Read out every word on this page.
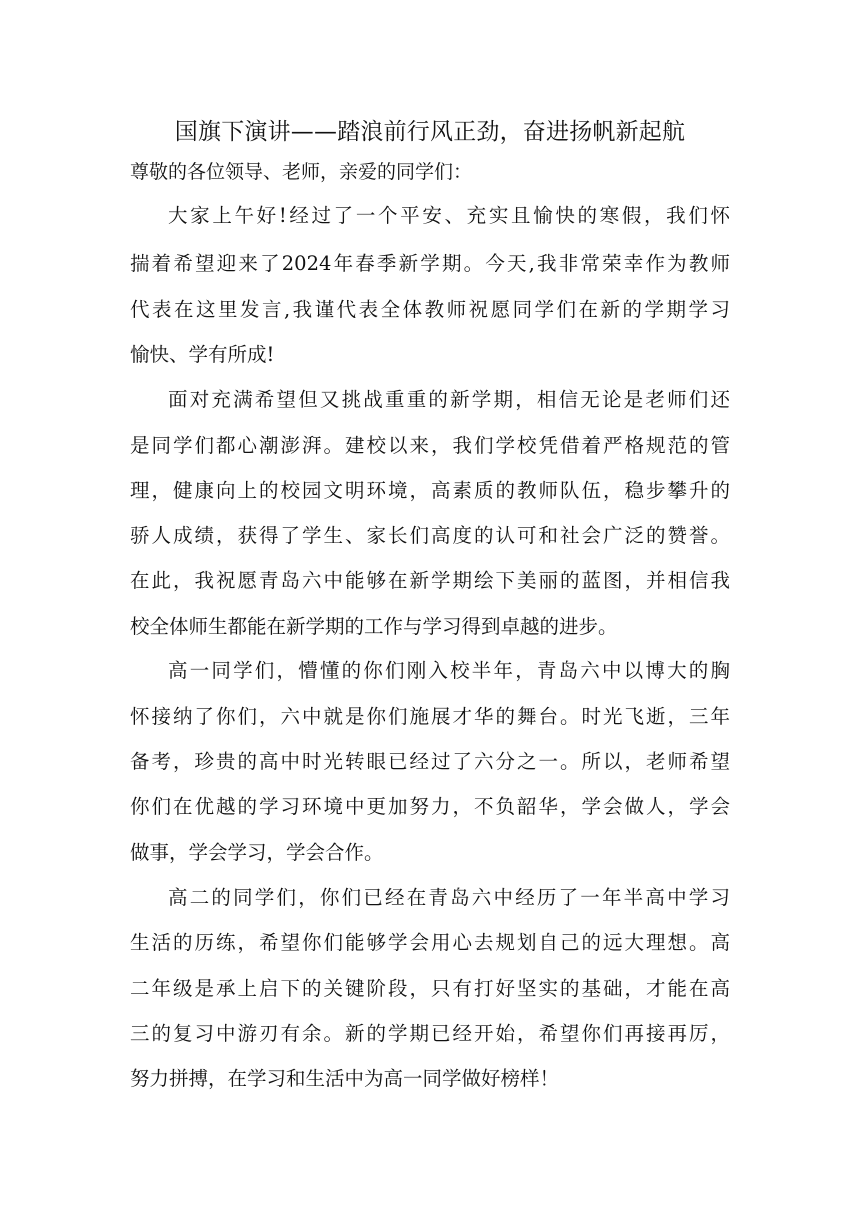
国旗下演讲——踏浪前行风正劲，奋进扬帆新起航
尊敬的各位领导、老师，亲爱的同学们：
大家上午好!经过了一个平安、充实且愉快的寒假，我们怀
揣着希望迎来了2024年春季新学期。今天,我非常荣幸作为教师
代表在这里发言,我谨代表全体教师祝愿同学们在新的学期学习
愉快、学有所成!
面对充满希望但又挑战重重的新学期，相信无论是老师们还
是同学们都心潮澎湃。建校以来，我们学校凭借着严格规范的管
理，健康向上的校园文明环境，高素质的教师队伍，稳步攀升的
骄人成绩，获得了学生、家长们高度的认可和社会广泛的赞誉。
在此，我祝愿青岛六中能够在新学期绘下美丽的蓝图，并相信我
校全体师生都能在新学期的工作与学习得到卓越的进步。
高一同学们，懵懂的你们刚入校半年，青岛六中以博大的胸
怀接纳了你们，六中就是你们施展才华的舞台。时光飞逝，三年
备考，珍贵的高中时光转眼已经过了六分之一。所以，老师希望
你们在优越的学习环境中更加努力，不负韶华，学会做人，学会
做事，学会学习，学会合作。
高二的同学们，你们已经在青岛六中经历了一年半高中学习
生活的历练，希望你们能够学会用心去规划自己的远大理想。高
二年级是承上启下的关键阶段，只有打好坚实的基础，才能在高
三的复习中游刃有余。新的学期已经开始，希望你们再接再厉，
努力拼搏，在学习和生活中为高一同学做好榜样！
